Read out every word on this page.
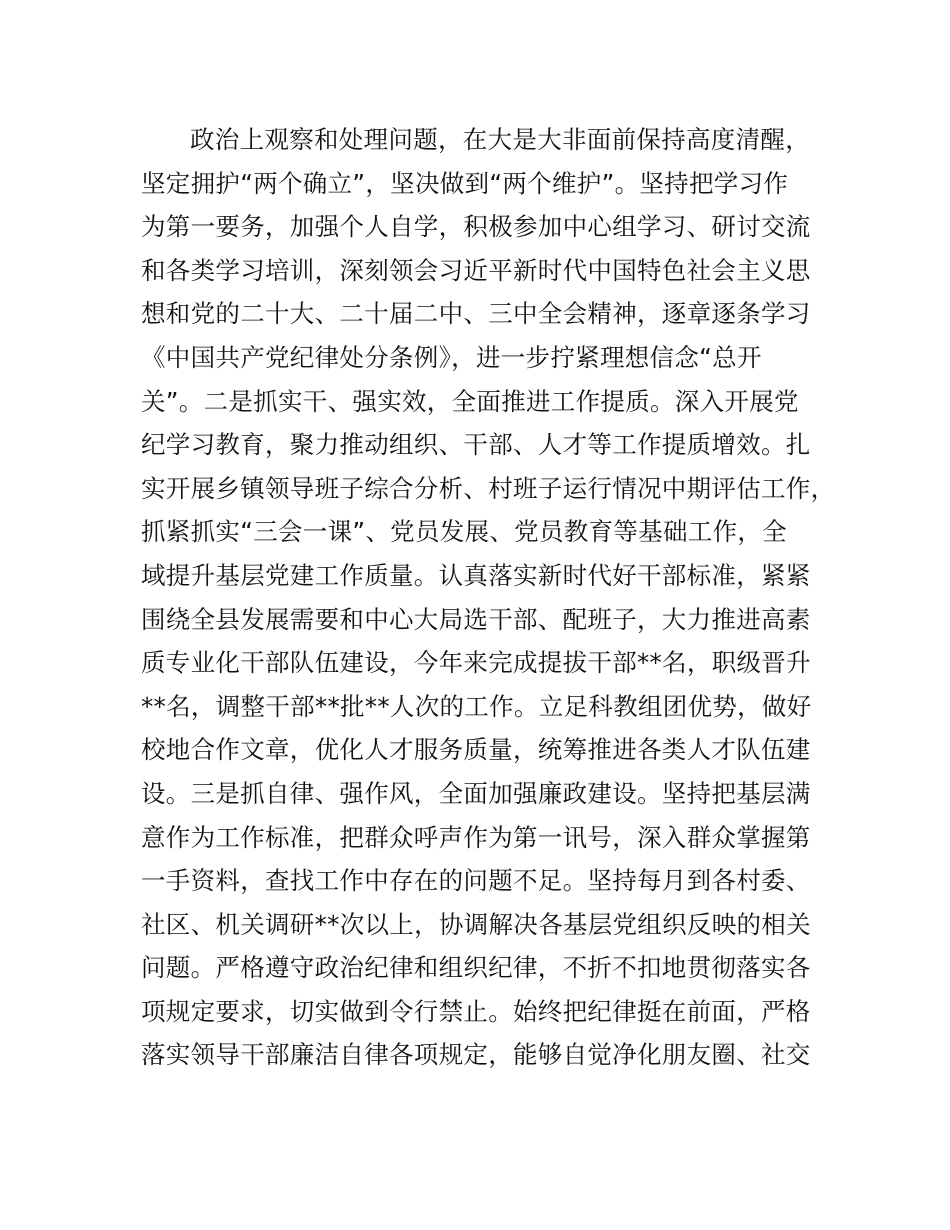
政治上观察和处理问题，在大是大非面前保持高度清醒，
坚定拥护“两个确立”，坚决做到“两个维护”。坚持把学习作
为第一要务，加强个人自学，积极参加中心组学习、研讨交流
和各类学习培训，深刻领会习近平新时代中国特色社会主义思
想和党的二十大、二十届二中、三中全会精神，逐章逐条学习
《中国共产党纪律处分条例》，进一步拧紧理想信念“总开
关”。二是抓实干、强实效，全面推进工作提质。深入开展党
纪学习教育，聚力推动组织、干部、人才等工作提质增效。扎
实开展乡镇领导班子综合分析、村班子运行情况中期评估工作，
抓紧抓实“三会一课”、党员发展、党员教育等基础工作，全
域提升基层党建工作质量。认真落实新时代好干部标准，紧紧
围绕全县发展需要和中心大局选干部、配班子，大力推进高素
质专业化干部队伍建设，今年来完成提拔干部**名，职级晋升
**名，调整干部**批**人次的工作。立足科教组团优势，做好
校地合作文章，优化人才服务质量，统筹推进各类人才队伍建
设。三是抓自律、强作风，全面加强廉政建设。坚持把基层满
意作为工作标准，把群众呼声作为第一讯号，深入群众掌握第
一手资料，查找工作中存在的问题不足。坚持每月到各村委、
社区、机关调研**次以上，协调解决各基层党组织反映的相关
问题。严格遵守政治纪律和组织纪律，不折不扣地贯彻落实各
项规定要求，切实做到令行禁止。始终把纪律挺在前面，严格
落实领导干部廉洁自律各项规定，能够自觉净化朋友圈、社交
